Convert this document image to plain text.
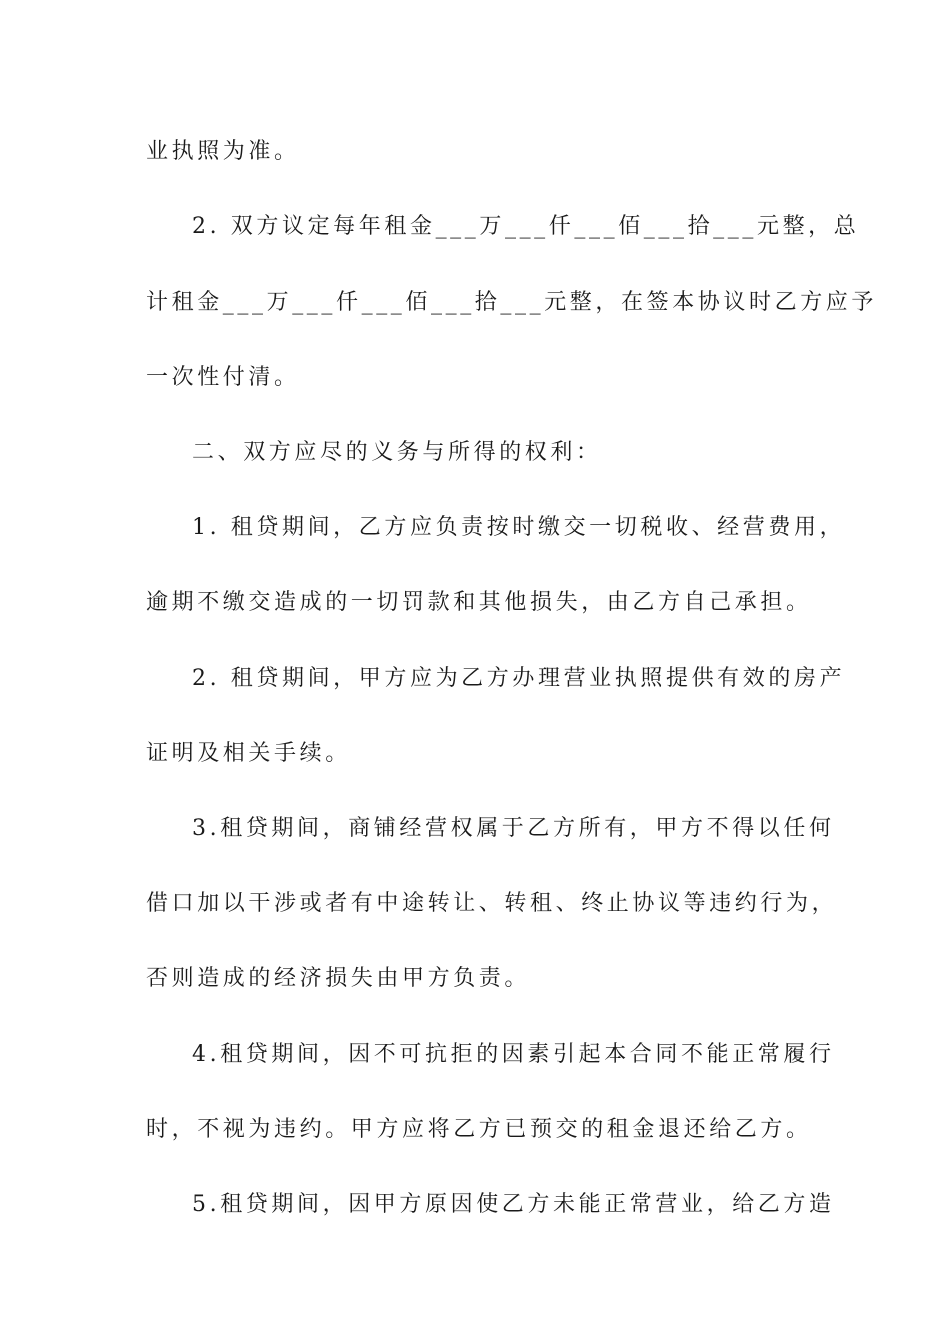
业执照为准。
2. 双方议定每年租金___万___仟___佰___拾___元整，总
计租金___万___仟___佰___拾___元整，在签本协议时乙方应予
一次性付清。
二、双方应尽的义务与所得的权利：
1. 租贷期间，乙方应负责按时缴交一切税收、经营费用，
逾期不缴交造成的一切罚款和其他损失，由乙方自己承担。
2. 租贷期间，甲方应为乙方办理营业执照提供有效的房产
证明及相关手续。
3.租贷期间，商铺经营权属于乙方所有，甲方不得以任何
借口加以干涉或者有中途转让、转租、终止协议等违约行为，
否则造成的经济损失由甲方负责。
4.租贷期间，因不可抗拒的因素引起本合同不能正常履行
时，不视为违约。甲方应将乙方已预交的租金退还给乙方。
5.租贷期间，因甲方原因使乙方未能正常营业，给乙方造
